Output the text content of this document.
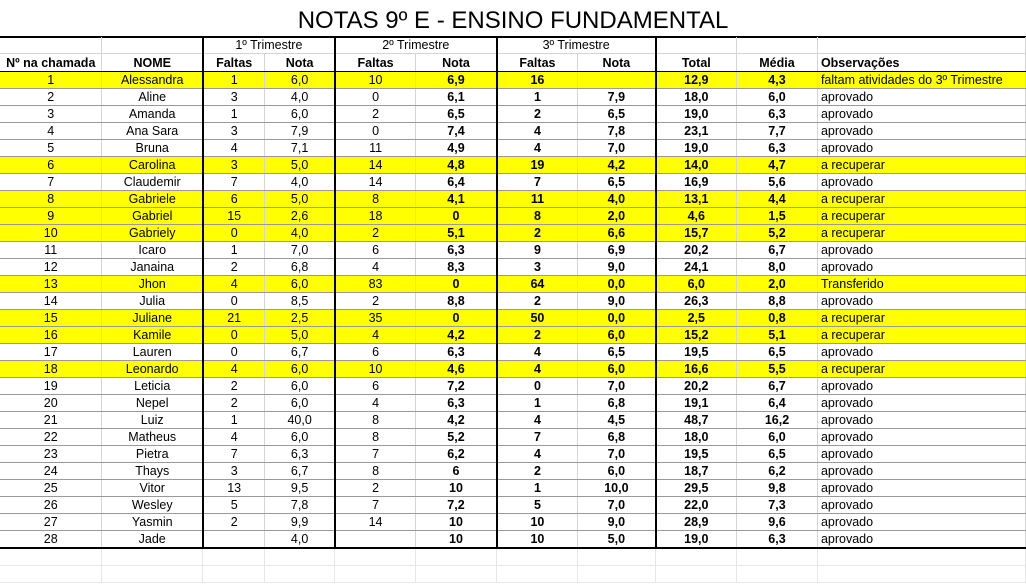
NOTAS 9º E - ENSINO FUNDAMENTAL
		1º Trimestre		2º Trimestre		3º Trimestre				
Nº na chamada	NOME	Faltas	Nota	Faltas	Nota	Faltas	Nota	Total	Média	Observações
1	Alessandra	1	6,0	10	6,9	16		12,9	4,3	faltam atividades do 3º Trimestre
2	Aline	3	4,0	0	6,1	1	7,9	18,0	6,0	aprovado
3	Amanda	1	6,0	2	6,5	2	6,5	19,0	6,3	aprovado
4	Ana Sara	3	7,9	0	7,4	4	7,8	23,1	7,7	aprovado
5	Bruna	4	7,1	11	4,9	4	7,0	19,0	6,3	aprovado
6	Carolina	3	5,0	14	4,8	19	4,2	14,0	4,7	a recuperar
7	Claudemir	7	4,0	14	6,4	7	6,5	16,9	5,6	aprovado
8	Gabriele	6	5,0	8	4,1	11	4,0	13,1	4,4	a recuperar
9	Gabriel	15	2,6	18	0	8	2,0	4,6	1,5	a recuperar
10	Gabriely	0	4,0	2	5,1	2	6,6	15,7	5,2	a recuperar
11	Icaro	1	7,0	6	6,3	9	6,9	20,2	6,7	aprovado
12	Janaina	2	6,8	4	8,3	3	9,0	24,1	8,0	aprovado
13	Jhon	4	6,0	83	0	64	0,0	6,0	2,0	Transferido
14	Julia	0	8,5	2	8,8	2	9,0	26,3	8,8	aprovado
15	Juliane	21	2,5	35	0	50	0,0	2,5	0,8	a recuperar
16	Kamile	0	5,0	4	4,2	2	6,0	15,2	5,1	a recuperar
17	Lauren	0	6,7	6	6,3	4	6,5	19,5	6,5	aprovado
18	Leonardo	4	6,0	10	4,6	4	6,0	16,6	5,5	a recuperar
19	Leticia	2	6,0	6	7,2	0	7,0	20,2	6,7	aprovado
20	Nepel	2	6,0	4	6,3	1	6,8	19,1	6,4	aprovado
21	Luiz	1	40,0	8	4,2	4	4,5	48,7	16,2	aprovado
22	Matheus	4	6,0	8	5,2	7	6,8	18,0	6,0	aprovado
23	Pietra	7	6,3	7	6,2	4	7,0	19,5	6,5	aprovado
24	Thays	3	6,7	8	6	2	6,0	18,7	6,2	aprovado
25	Vitor	13	9,5	2	10	1	10,0	29,5	9,8	aprovado
26	Wesley	5	7,8	7	7,2	5	7,0	22,0	7,3	aprovado
27	Yasmin	2	9,9	14	10	10	9,0	28,9	9,6	aprovado
28	Jade		4,0		10	10	5,0	19,0	6,3	aprovado
